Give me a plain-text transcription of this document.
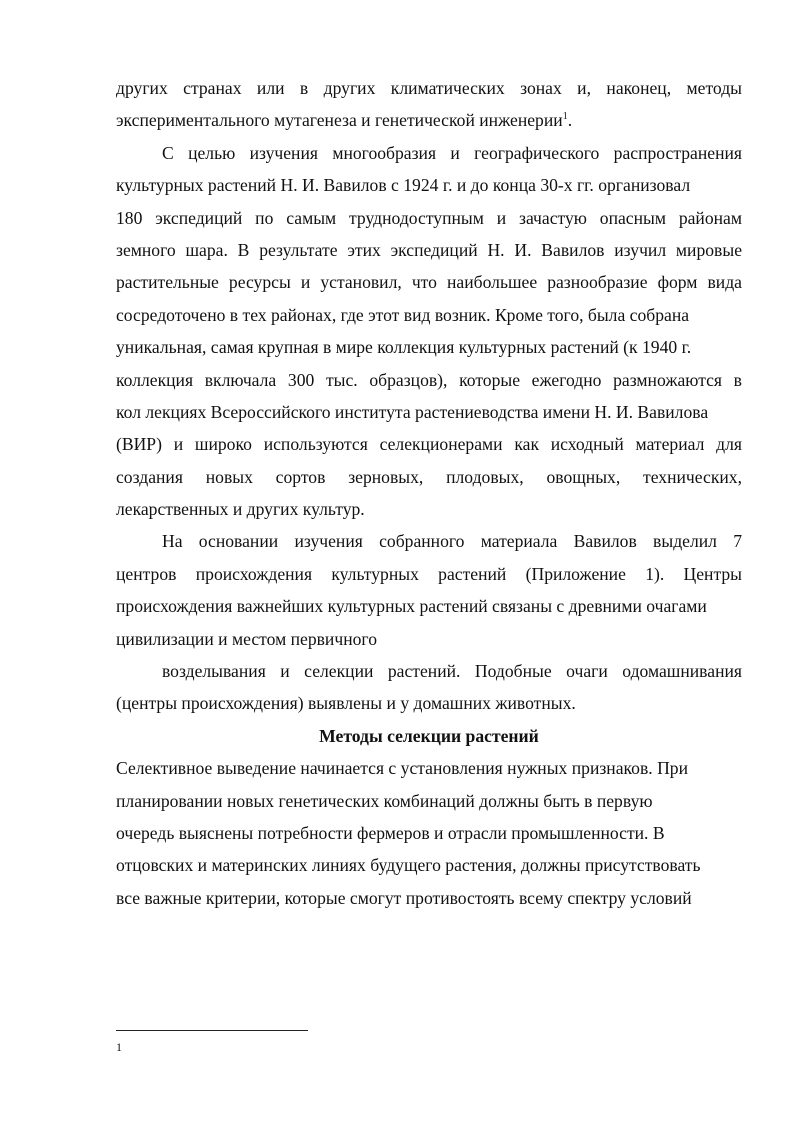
других странах или в других климатических зонах и, наконец, методы
экспериментального мутагенеза и генетической инженерии$^1$.
С целью изучения многообразия и географического распространения
культурных растений Н. И. Вавилов с 1924 г. и до конца 30-х гг. организовал
180 экспедиций по самым труднодоступным и зачастую опасным районам
земного шара. В результате этих экспедиций Н. И. Вавилов изучил мировые
растительные ресурсы и установил, что наибольшее разнообразие форм вида
сосредоточено в тех районах, где этот вид возник. Кроме того, была собрана
уникальная, самая крупная в мире коллекция культурных растений (к 1940 г.
коллекция включала 300 тыс. образцов), которые ежегодно размножаются в
кол лекциях Всероссийского института растениеводства имени Н. И. Вавилова
(ВИР) и широко используются селекционерами как исходный материал для
создания новых сортов зерновых, плодовых, овощных, технических,
лекарственных и других культур.
На основании изучения собранного материала Вавилов выделил 7
центров происхождения культурных растений (Приложение 1). Центры
происхождения важнейших культурных растений связаны с древними очагами
цивилизации и местом первичного
возделывания и селекции растений. Подобные очаги одомашнивания
(центры происхождения) выявлены и у домашних животных.
Методы селекции растений
Селективное выведение начинается с установления нужных признаков. При
планировании новых генетических комбинаций должны быть в первую
очередь выяснены потребности фермеров и отрасли промышленности. В
отцовских и материнских линиях будущего растения, должны присутствовать
все важные критерии, которые смогут противостоять всему спектру условий
1
